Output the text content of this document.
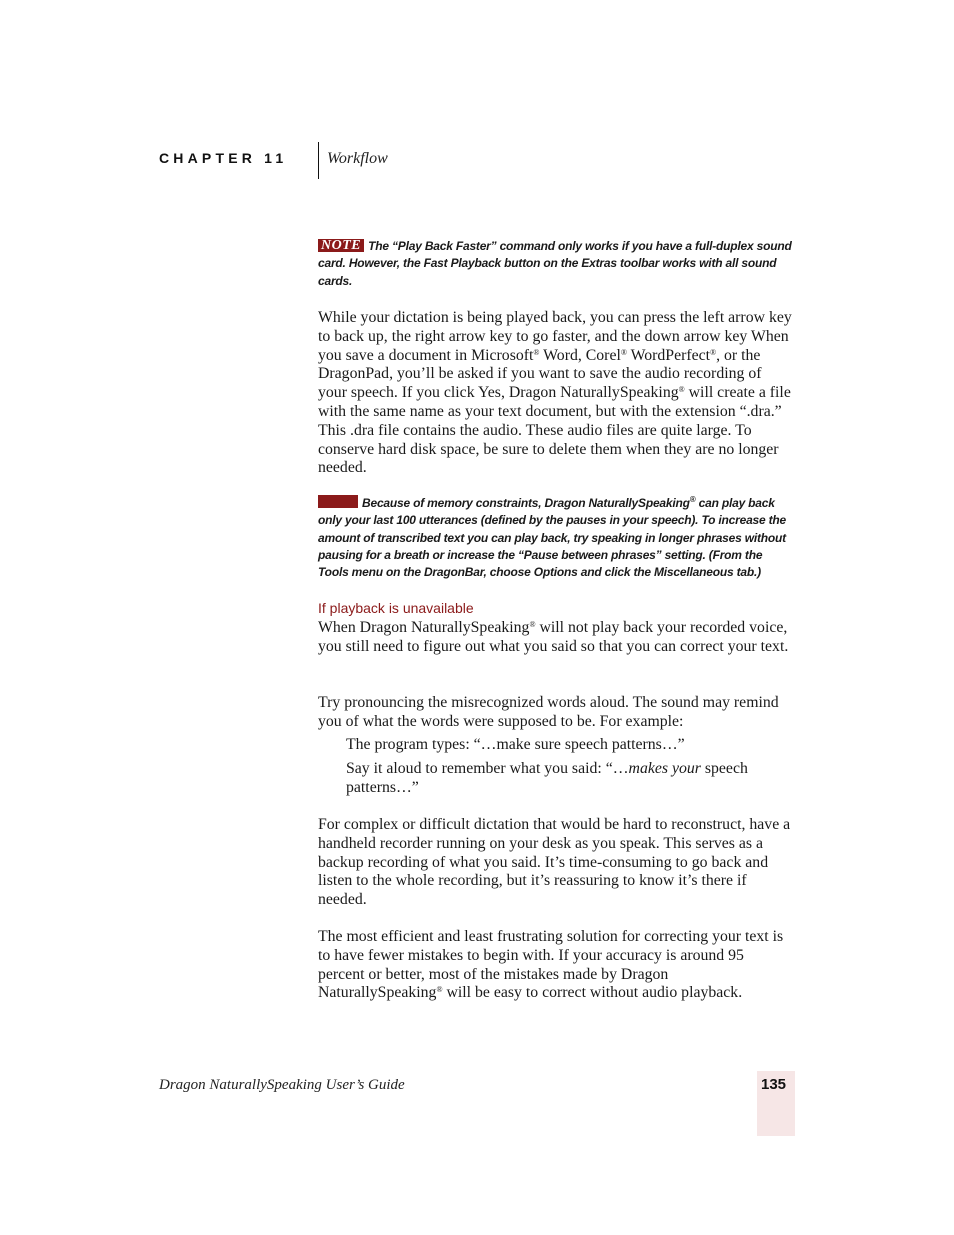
CHAPTER 11 Workflow
NOTE The “Play Back Faster” command only works if you have a full-duplex sound card. However, the Fast Playback button on the Extras toolbar works with all sound cards.

While your dictation is being played back, you can press the left arrow key to back up, the right arrow key to go faster, and the down arrow key When you save a document in Microsoft® Word, Corel® WordPerfect®, or the DragonPad, you’ll be asked if you want to save the audio recording of your speech. If you click Yes, Dragon NaturallySpeaking® will create a file with the same name as your text document, but with the extension “.dra.” This .dra file contains the audio. These audio files are quite large. To conserve hard disk space, be sure to delete them when they are no longer needed.

Because of memory constraints, Dragon NaturallySpeaking® can play back only your last 100 utterances (defined by the pauses in your speech). To increase the amount of transcribed text you can play back, try speaking in longer phrases without pausing for a breath or increase the “Pause between phrases” setting. (From the Tools menu on the DragonBar, choose Options and click the Miscellaneous tab.)
If playback is unavailable

When Dragon NaturallySpeaking® will not play back your recorded voice, you still need to figure out what you said so that you can correct your text.

Try pronouncing the misrecognized words aloud. The sound may remind you of what the words were supposed to be. For example:

The program types: “…make sure speech patterns…”
Say it aloud to remember what you said: “…makes your speech patterns…”

For complex or difficult dictation that would be hard to reconstruct, have a handheld recorder running on your desk as you speak. This serves as a backup recording of what you said. It’s time-consuming to go back and listen to the whole recording, but it’s reassuring to know it’s there if needed.

The most efficient and least frustrating solution for correcting your text is to have fewer mistakes to begin with. If your accuracy is around 95 percent or better, most of the mistakes made by Dragon NaturallySpeaking® will be easy to correct without audio playback.

Dragon NaturallySpeaking User’s Guide	135
